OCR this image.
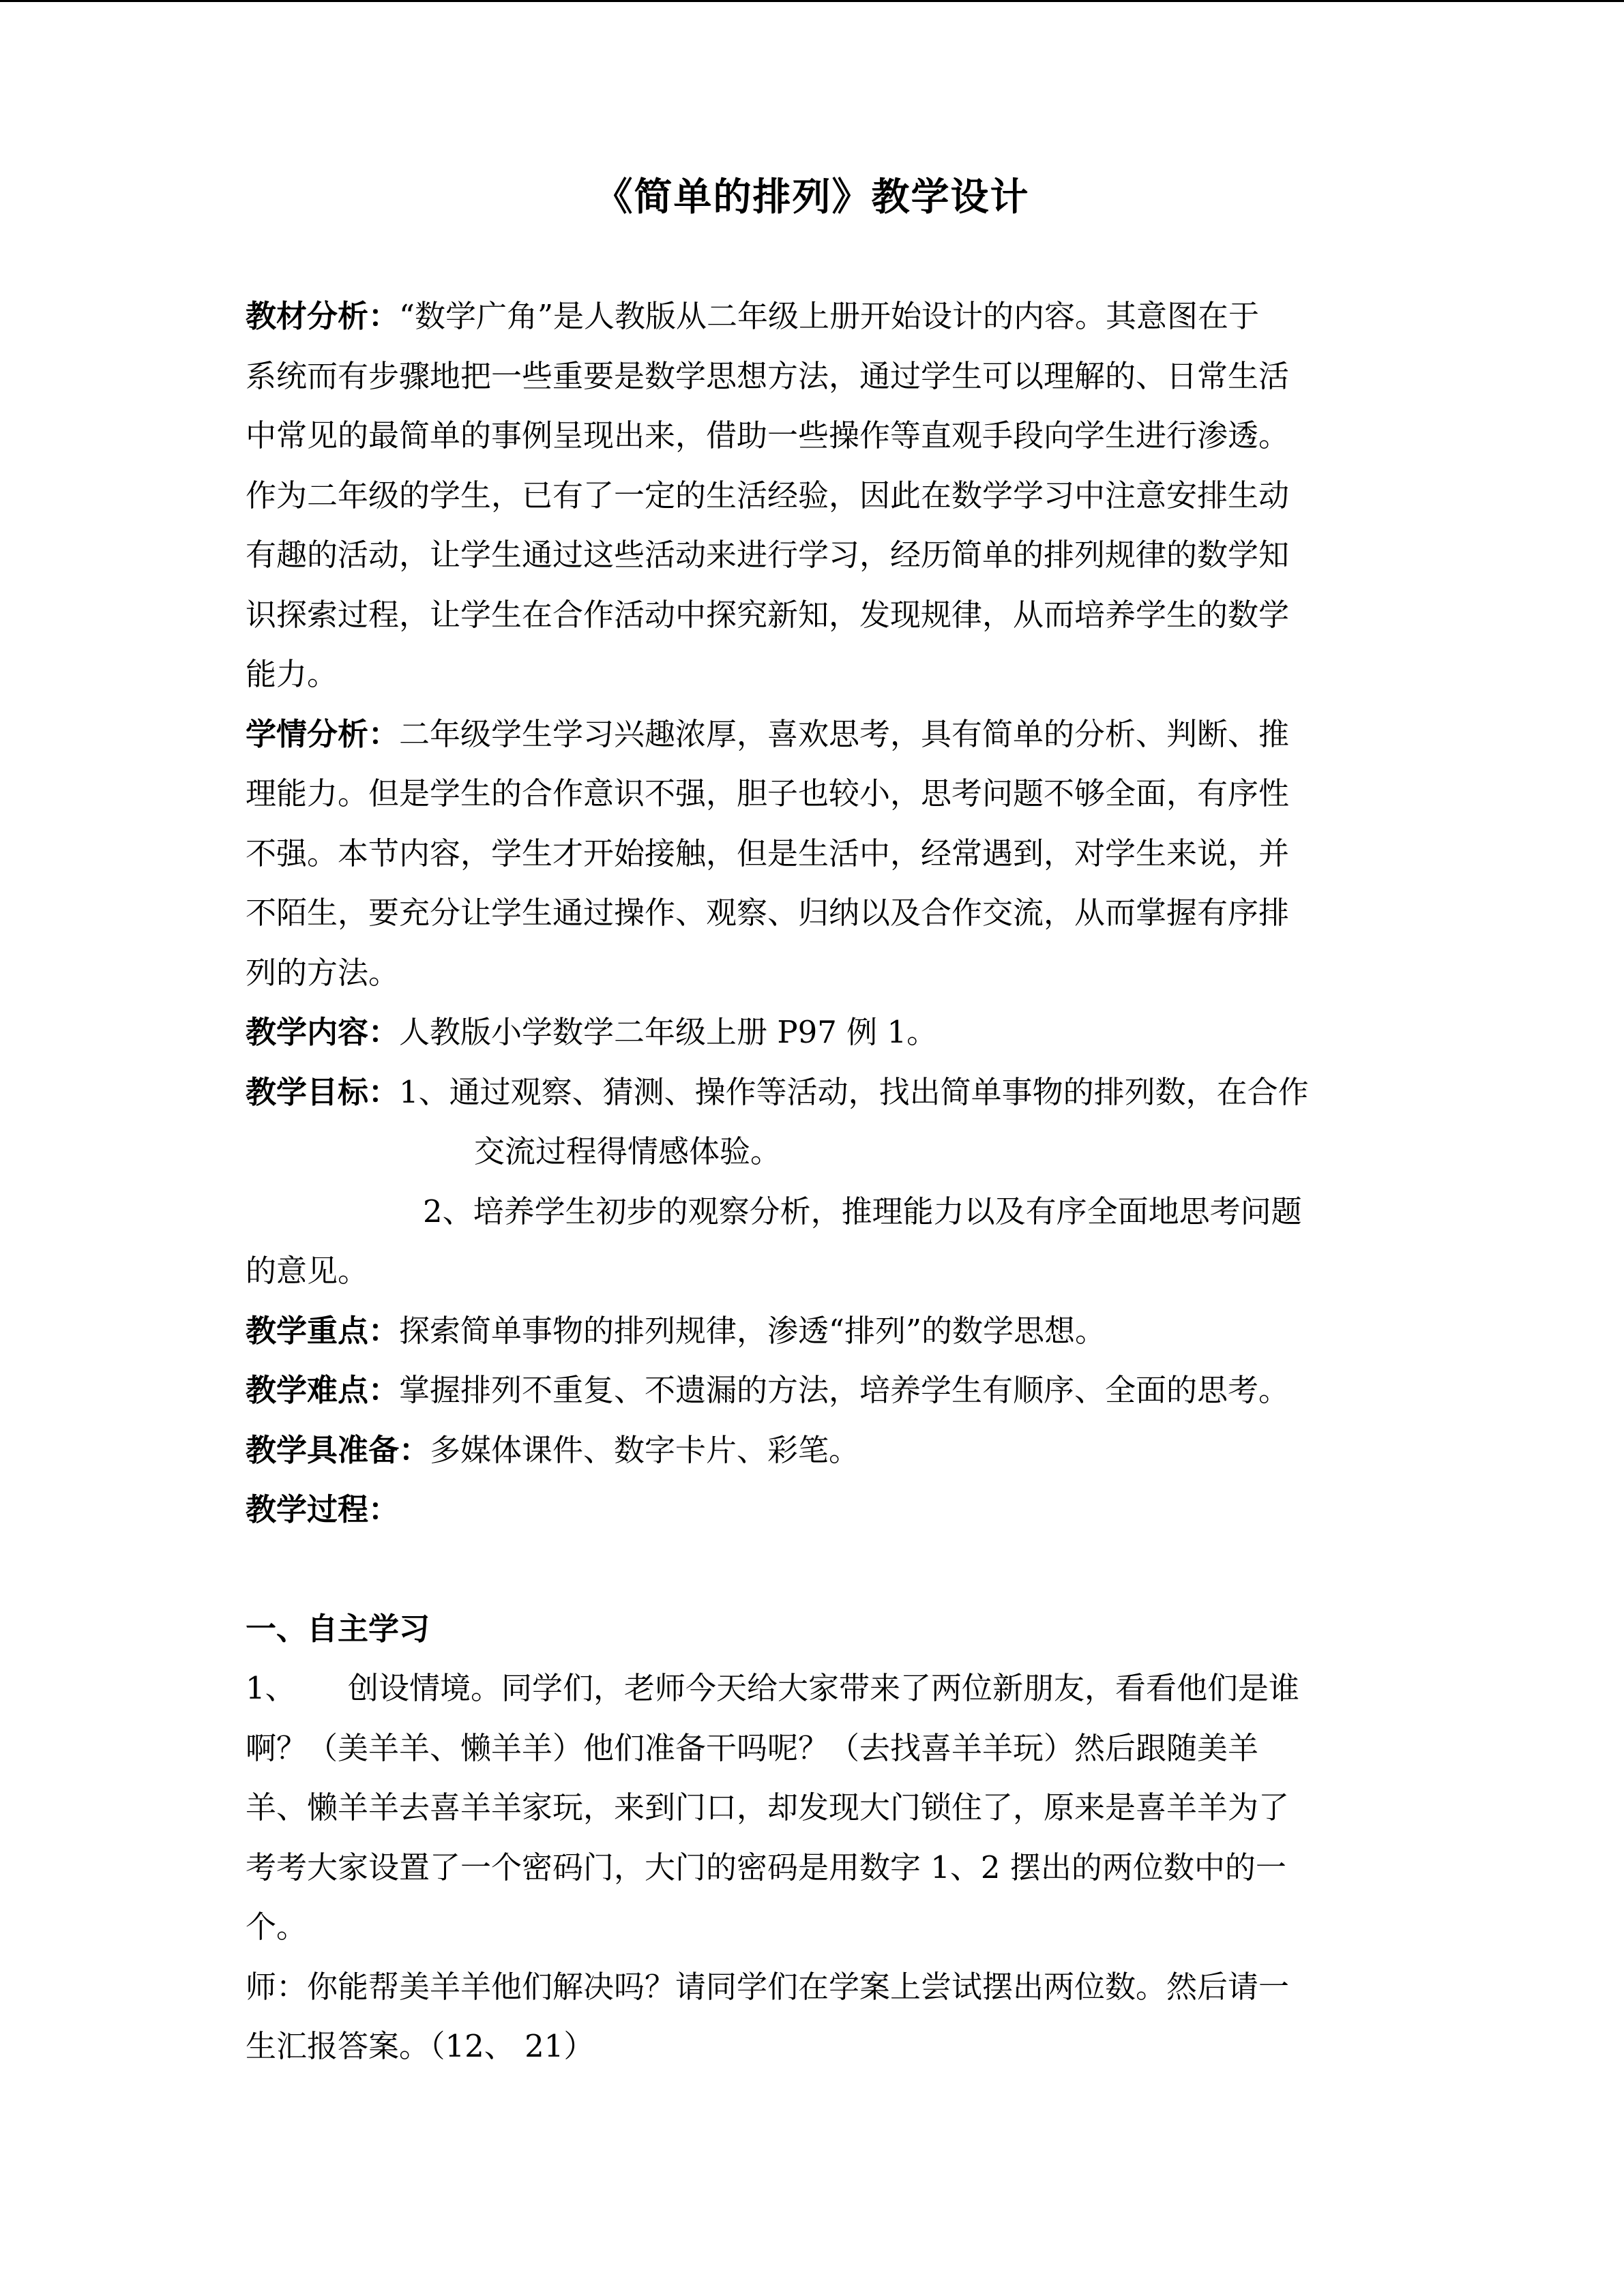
《简单的排列》教学设计

教材分析：“数学广角”是人教版从二年级上册开始设计的内容。其意图在于

系统而有步骤地把一些重要是数学思想方法，通过学生可以理解的、日常生活

中常见的最简单的事例呈现出来，借助一些操作等直观手段向学生进行渗透。

作为二年级的学生，已有了一定的生活经验，因此在数学学习中注意安排生动

有趣的活动，让学生通过这些活动来进行学习，经历简单的排列规律的数学知

识探索过程，让学生在合作活动中探究新知，发现规律，从而培养学生的数学

能力。

学情分析：二年级学生学习兴趣浓厚，喜欢思考，具有简单的分析、判断、推

理能力。但是学生的合作意识不强，胆子也较小，思考问题不够全面，有序性

不强。本节内容，学生才开始接触，但是生活中，经常遇到，对学生来说，并

不陌生，要充分让学生通过操作、观察、归纳以及合作交流，从而掌握有序排

列的方法。

教学内容：人教版小学数学二年级上册 P97 例 1。

教学目标：1、通过观察、猜测、操作等活动，找出简单事物的排列数，在合作

交流过程得情感体验。

2、培养学生初步的观察分析，推理能力以及有序全面地思考问题

的意见。

教学重点：探索简单事物的排列规律，渗透“排列”的数学思想。

教学难点：掌握排列不重复、不遗漏的方法，培养学生有顺序、全面的思考。

教学具准备：多媒体课件、数字卡片、彩笔。

教学过程：

一、自主学习

1、 创设情境。同学们，老师今天给大家带来了两位新朋友，看看他们是谁

啊？（美羊羊、懒羊羊）他们准备干吗呢？（去找喜羊羊玩）然后跟随美羊

羊、懒羊羊去喜羊羊家玩，来到门口，却发现大门锁住了，原来是喜羊羊为了

考考大家设置了一个密码门，大门的密码是用数字 1、2 摆出的两位数中的一

个。

师：你能帮美羊羊他们解决吗？请同学们在学案上尝试摆出两位数。然后请一

生汇报答案。（12、 21）
